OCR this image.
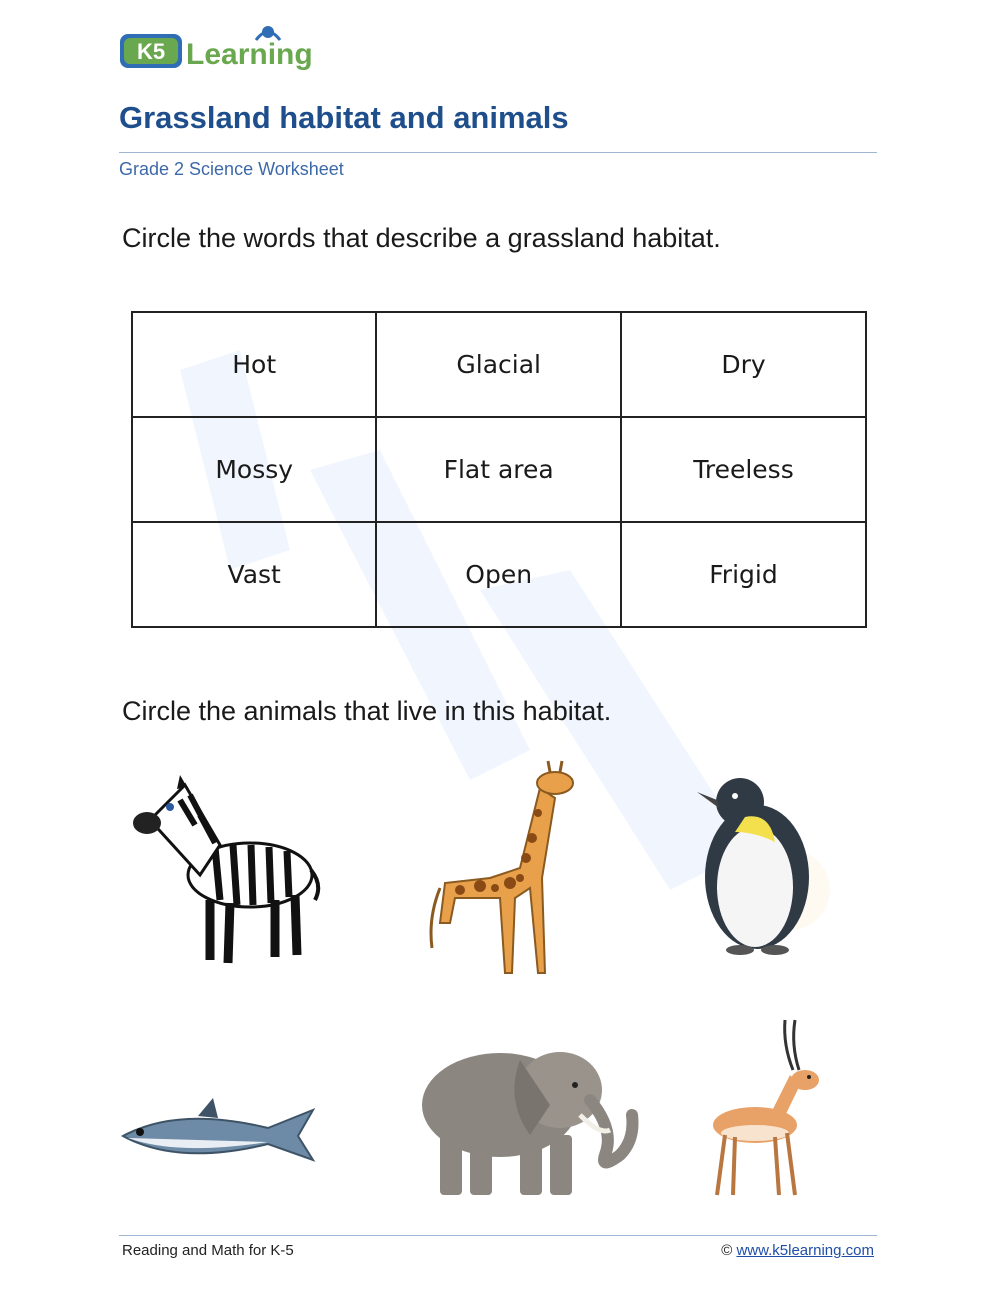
K5 Learning
Grassland habitat and animals
Grade 2 Science Worksheet
Circle the words that describe a grassland habitat.
Hot	Glacial	Dry
Mossy	Flat area	Treeless
Vast	Open	Frigid
Circle the animals that live in this habitat.
Reading and Math for K-5	© www.k5learning.com
